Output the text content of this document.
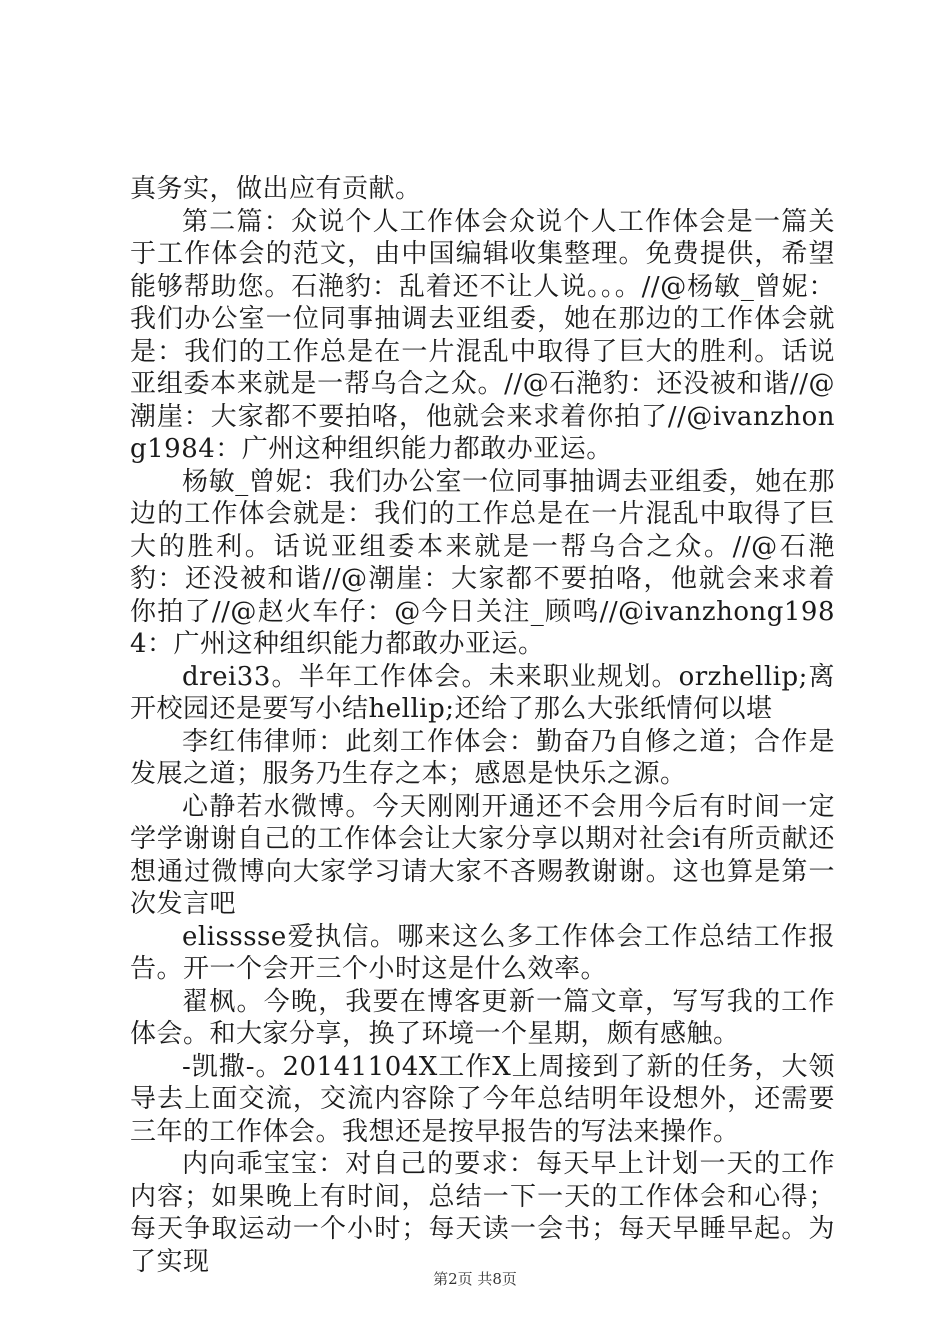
真务实，做出应有贡献。

第二篇：众说个人工作体会众说个人工作体会是一篇关于工作体会的范文，由中国编辑收集整理。免费提供，希望能够帮助您。石滟豹：乱着还不让人说。。。//@杨敏_曾妮：我们办公室一位同事抽调去亚组委，她在那边的工作体会就是：我们的工作总是在一片混乱中取得了巨大的胜利。话说亚组委本来就是一帮乌合之众。//@石滟豹：还没被和谐//@潮崖：大家都不要拍咯，他就会来求着你拍了//@ivanzhong1984：广州这种组织能力都敢办亚运。

杨敏_曾妮：我们办公室一位同事抽调去亚组委，她在那边的工作体会就是：我们的工作总是在一片混乱中取得了巨大的胜利。话说亚组委本来就是一帮乌合之众。//@石滟豹：还没被和谐//@潮崖：大家都不要拍咯，他就会来求着你拍了//@赵火车仔：@今日关注_顾鸣//@ivanzhong1984：广州这种组织能力都敢办亚运。

drei33。半年工作体会。未来职业规划。orzhellip;离开校园还是要写小结hellip;还给了那么大张纸情何以堪

李红伟律师：此刻工作体会：勤奋乃自修之道；合作是发展之道；服务乃生存之本；感恩是快乐之源。

心静若水微博。今天刚刚开通还不会用今后有时间一定学学谢谢自己的工作体会让大家分享以期对社会i有所贡献还想通过微博向大家学习请大家不吝赐教谢谢。这也算是第一次发言吧

elisssse爱执信。哪来这么多工作体会工作总结工作报告。开一个会开三个小时这是什么效率。

翟枫。今晚，我要在博客更新一篇文章，写写我的工作体会。和大家分享，换了环境一个星期，颇有感触。

-凯撒-。20141104X工作X上周接到了新的任务，大领导去上面交流，交流内容除了今年总结明年设想外，还需要三年的工作体会。我想还是按早报告的写法来操作。

内向乖宝宝：对自己的要求：每天早上计划一天的工作内容；如果晚上有时间，总结一下一天的工作体会和心得；每天争取运动一个小时；每天读一会书；每天早睡早起。为了实现

第2页 共8页
